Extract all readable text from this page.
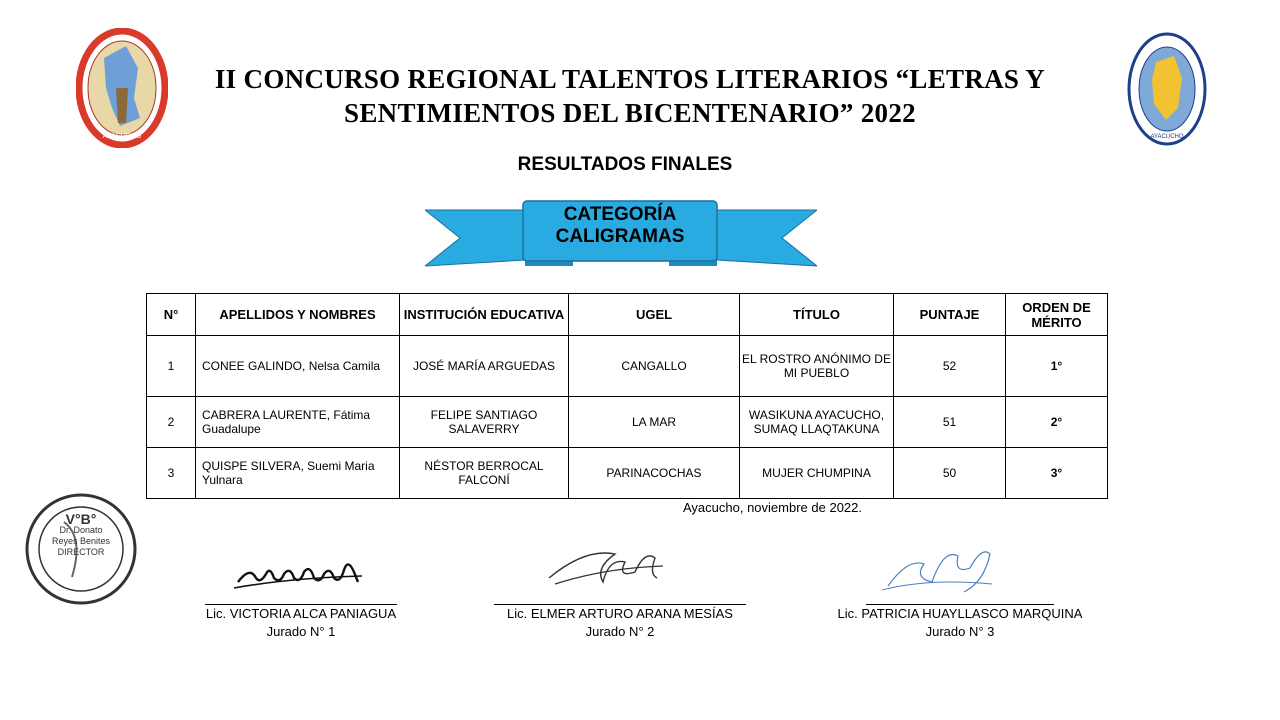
AYACUCHO	AYACUCHO
II CONCURSO REGIONAL TALENTOS LITERARIOS “LETRAS Y
SENTIMIENTOS DEL BICENTENARIO” 2022
RESULTADOS FINALES
CATEGORÍA
CALIGRAMAS
N°	APELLIDOS Y NOMBRES	INSTITUCIÓN EDUCATIVA	UGEL	TÍTULO	PUNTAJE	ORDEN DE MÉRITO
1	CONEE GALINDO, Nelsa Camila	JOSÉ MARÍA ARGUEDAS	CANGALLO	EL ROSTRO ANÓNIMO DE MI PUEBLO	52	1°
2	CABRERA LAURENTE, Fátima Guadalupe	FELIPE SANTIAGO SALAVERRY	LA MAR	WASIKUNA AYACUCHO, SUMAQ LLAQTAKUNA	51	2°
3	QUISPE SILVERA, Suemi Maria Yulnara	NÉSTOR BERROCAL FALCONÍ	PARINACOCHAS	MUJER CHUMPINA	50	3°
Ayacucho, noviembre de 2022.
V°B°
Dr. Donato Reyes Benites
DIRECTOR
Lic. VICTORIA ALCA PANIAGUA
Jurado N° 1
Lic. ELMER ARTURO ARANA MESÍAS
Jurado N° 2
Lic. PATRICIA HUAYLLASCO MARQUINA
Jurado N° 3
